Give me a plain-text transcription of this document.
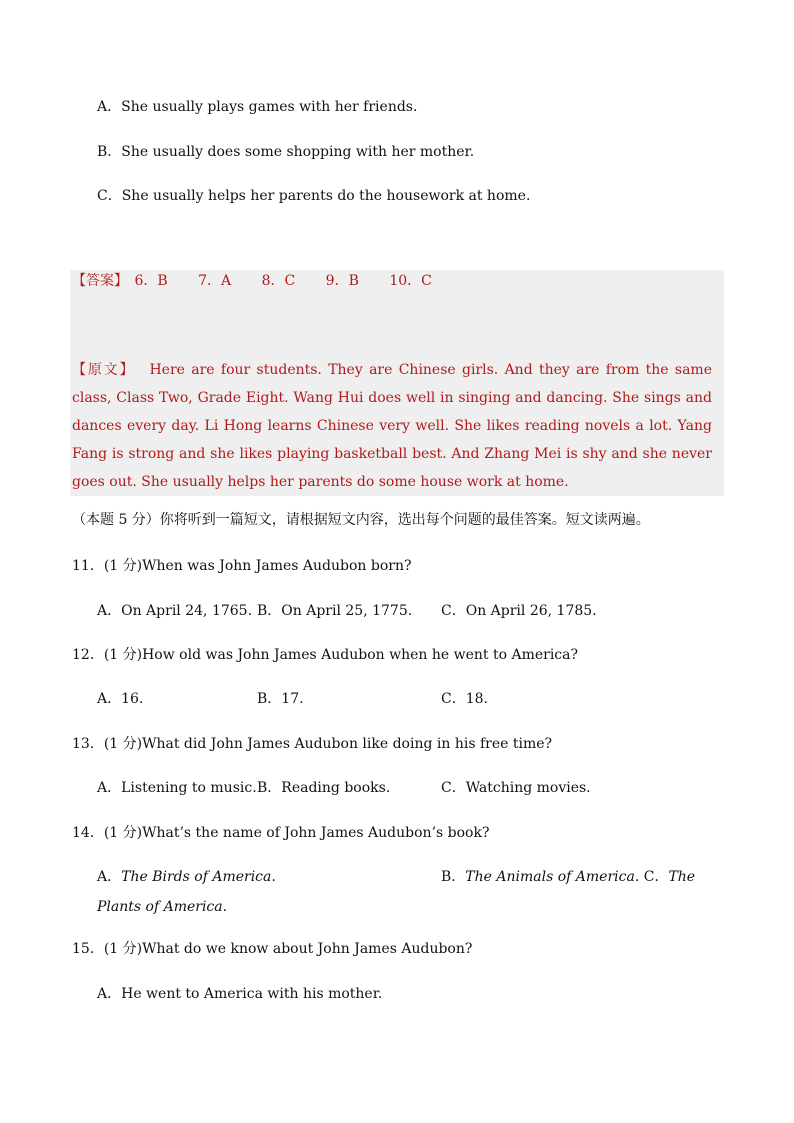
A．She usually plays games with her friends.
B．She usually does some shopping with her mother.
C．She usually helps her parents do the housework at home.
【答案】 6．B 7．A 8．C 9．B 10．C
【原文】 Here are four students. They are Chinese girls. And they are from the same class, Class Two, Grade Eight. Wang Hui does well in singing and dancing. She sings and dances every day. Li Hong learns Chinese very well. She likes reading novels a lot. Yang Fang is strong and she likes playing basketball best. And Zhang Mei is shy and she never goes out. She usually helps her parents do some house work at home.
（本题 5 分）你将听到一篇短文，请根据短文内容，选出每个问题的最佳答案。短文读两遍。
11．(1 分)When was John James Audubon born?
A．On April 24, 1765. B．On April 25, 1775. C．On April 26, 1785.
12．(1 分)How old was John James Audubon when he went to America?
A．16.	B．17.	C．18.
13．(1 分)What did John James Audubon like doing in his free time?
A．Listening to music. B．Reading books.	C．Watching movies.
14．(1 分)What’s the name of John James Audubon’s book?
A．The Birds of America.	B．The Animals of America. C．The
Plants of America.
15．(1 分)What do we know about John James Audubon?
A．He went to America with his mother.
